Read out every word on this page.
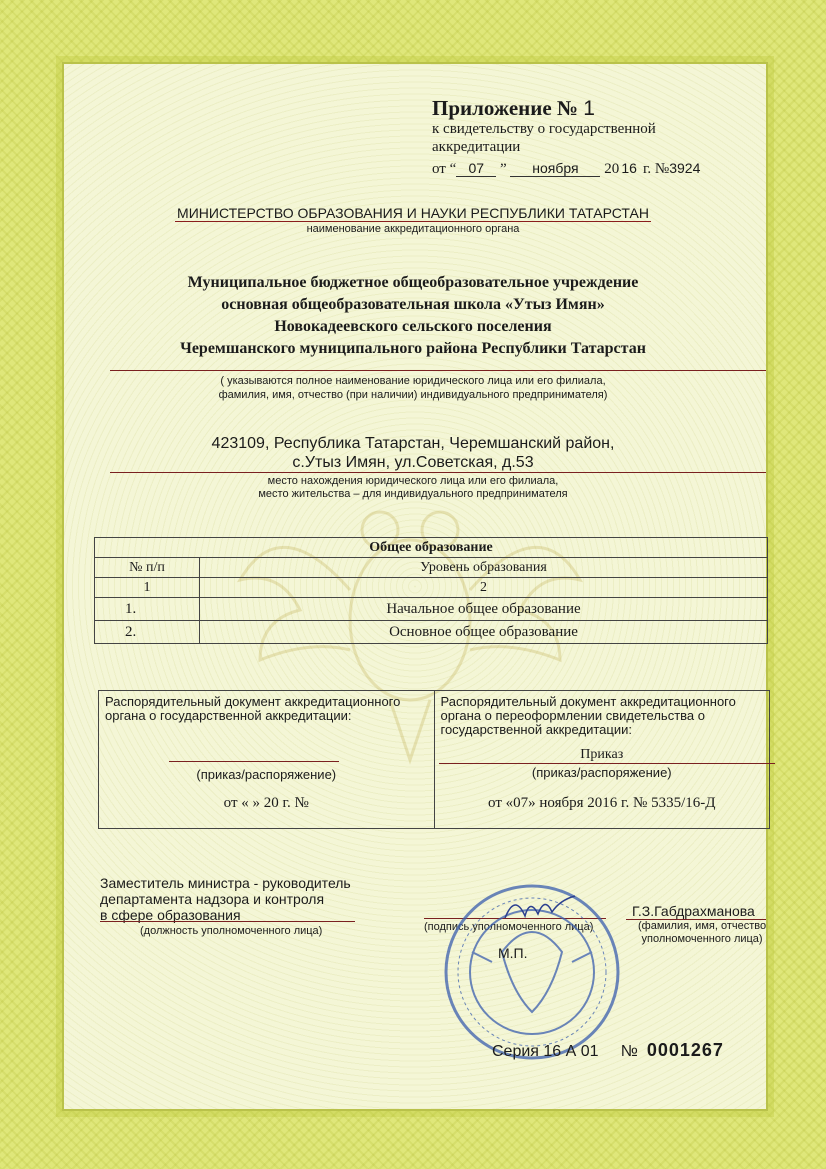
Приложение № 1
к свидетельству о государственной аккредитации
от “ 07 ” ноября 20 16 г. №3924
МИНИСТЕРСТВО ОБРАЗОВАНИЯ И НАУКИ РЕСПУБЛИКИ ТАТАРСТАН
наименование аккредитационного органа
Муниципальное бюджетное общеобразовательное учреждение
основная общеобразовательная школа «Утыз Имян»
Новокадеевского сельского поселения
Черемшанского муниципального района Республики Татарстан
( указываются полное наименование юридического лица или его филиала,
фамилия, имя, отчество (при наличии) индивидуального предпринимателя)
423109, Республика Татарстан, Черемшанский район,
с.Утыз Имян, ул.Советская, д.53
место нахождения юридического лица или его филиала,
место жительства – для индивидуального предпринимателя
Общее образование	
№ п/п	Уровень образования
1	2
1.	Начальное общее образование
2.	Основное общее образование
Распорядительный документ аккредитационного органа о государственной аккредитации:
(приказ/распоряжение)
от « » 20 г. №
Распорядительный документ аккредитационного органа о переоформлении свидетельства о государственной аккредитации:
Приказ
(приказ/распоряжение)
от «07» ноября 2016 г. № 5335/16-Д
Заместитель министра - руководитель
департамента надзора и контроля
в сфере образования
(должность уполномоченного лица)	(подпись уполномоченного лица)
Г.З.Габдрахманова
(фамилия, имя, отчество
уполномоченного лица)
М.П.
Серия 16 А 01 № 0001267
